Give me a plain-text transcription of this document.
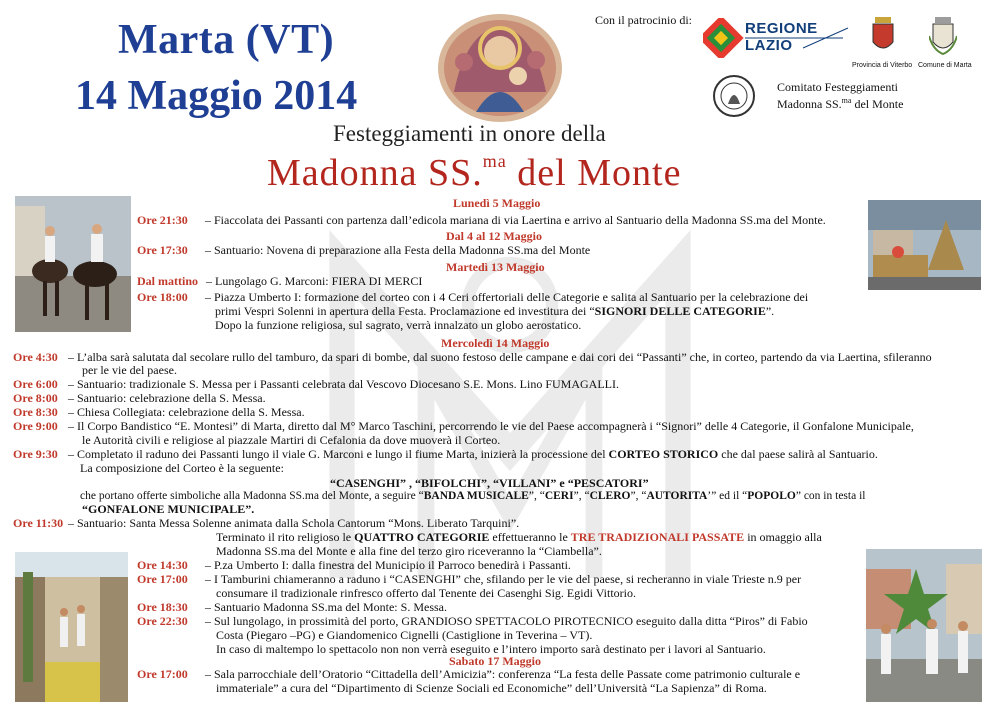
Marta (VT)
14 Maggio 2014
Con il patrocinio di:	REGIONE
LAZIO
Provincia di Viterbo Comune di Marta
Comitato Festeggiamenti
Madonna SS.$^{ma}$ del Monte
Festeggiamenti in onore della
Madonna SS.$^{ma}$ del Monte
Lunedì 5 Maggio
Ore 21:30 – Fiaccolata dei Passanti con partenza dall’edicola mariana di via Laertina e arrivo al Santuario della Madonna SS.ma del Monte.
Dal 4 al 12 Maggio
Ore 17:30 – Santuario: Novena di preparazione alla Festa della Madonna SS.ma del Monte
Martedì 13 Maggio
Dal mattino – Lungolago G. Marconi: FIERA DI MERCI
Ore 18:00 – Piazza Umberto I: formazione del corteo con i 4 Ceri offertoriali delle Categorie e salita al Santuario per la celebrazione dei
primi Vespri Solenni in apertura della Festa. Proclamazione ed investitura dei “SIGNORI DELLE CATEGORIE”.
Dopo la funzione religiosa, sul sagrato, verrà innalzato un globo aerostatico.
Mercoledì 14 Maggio
Ore 4:30 – L’alba sarà salutata dal secolare rullo del tamburo, da spari di bombe, dal suono festoso delle campane e dai cori dei “Passanti” che, in corteo, partendo da via Laertina, sfileranno
per le vie del paese.
Ore 6:00 – Santuario: tradizionale S. Messa per i Passanti celebrata dal Vescovo Diocesano S.E. Mons. Lino FUMAGALLI.
Ore 8:00 – Santuario: celebrazione della S. Messa.
Ore 8:30 – Chiesa Collegiata: celebrazione della S. Messa.
Ore 9:00 – Il Corpo Bandistico “E. Montesi” di Marta, diretto dal M° Marco Taschini, percorrendo le vie del Paese accompagnerà i “Signori” delle 4 Categorie, il Gonfalone Municipale,
le Autorità civili e religiose al piazzale Martiri di Cefalonia da dove muoverà il Corteo.
Ore 9:30 – Completato il raduno dei Passanti lungo il viale G. Marconi e lungo il fiume Marta, inizierà la processione del CORTEO STORICO che dal paese salirà al Santuario.
La composizione del Corteo è la seguente:
“CASENGHI” , “BIFOLCHI”, “VILLANI” e “PESCATORI”
che portano offerte simboliche alla Madonna SS.ma del Monte, a seguire “BANDA MUSICALE”, “CERI”, “CLERO”, “AUTORITA’” ed il “POPOLO” con in testa il
“GONFALONE MUNICIPALE”.
Ore 11:30 – Santuario: Santa Messa Solenne animata dalla Schola Cantorum “Mons. Liberato Tarquini”.
Terminato il rito religioso le QUATTRO CATEGORIE effettueranno le TRE TRADIZIONALI PASSATE in omaggio alla
Madonna SS.ma del Monte e alla fine del terzo giro riceveranno la “Ciambella”.
Ore 14:30 – P.za Umberto I: dalla finestra del Municipio il Parroco benedirà i Passanti.
Ore 17:00 – I Tamburini chiameranno a raduno i “CASENGHI” che, sfilando per le vie del paese, si recheranno in viale Trieste n.9 per
consumare il tradizionale rinfresco offerto dal Tenente dei Casenghi Sig. Egidi Vittorio.
Ore 18:30 – Santuario Madonna SS.ma del Monte: S. Messa.
Ore 22:30 – Sul lungolago, in prossimità del porto, GRANDIOSO SPETTACOLO PIROTECNICO eseguito dalla ditta “Piros” di Fabio
Costa (Piegaro –PG) e Giandomenico Cignelli (Castiglione in Teverina – VT).
In caso di maltempo lo spettacolo non non verrà eseguito e l’intero importo sarà destinato per i lavori al Santuario.
Sabato 17 Maggio
Ore 17:00 – Sala parrocchiale dell’Oratorio “Cittadella dell’Amicizia”: conferenza “La festa delle Passate come patrimonio culturale e
immateriale” a cura del “Dipartimento di Scienze Sociali ed Economiche” dell’Università “La Sapienza” di Roma.
